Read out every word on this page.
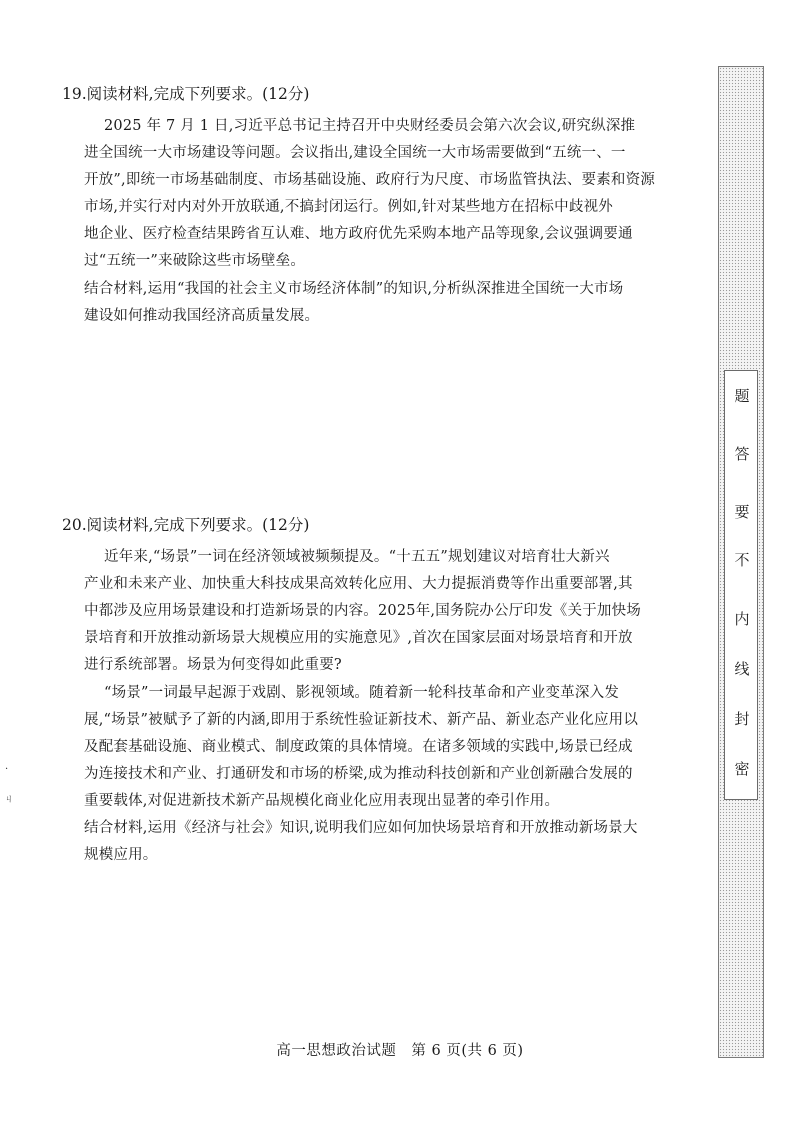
19.阅读材料,完成下列要求。(12分)
2025 年 7 月 1 日,习近平总书记主持召开中央财经委员会第六次会议,研究纵深推
进全国统一大市场建设等问题。会议指出,建设全国统一大市场需要做到“五统一、一
开放”,即统一市场基础制度、市场基础设施、政府行为尺度、市场监管执法、要素和资源
市场,并实行对内对外开放联通,不搞封闭运行。例如,针对某些地方在招标中歧视外
地企业、医疗检查结果跨省互认难、地方政府优先采购本地产品等现象,会议强调要通
过“五统一”来破除这些市场壁垒。
结合材料,运用“我国的社会主义市场经济体制”的知识,分析纵深推进全国统一大市场
建设如何推动我国经济高质量发展。
20.阅读材料,完成下列要求。(12分)
近年来,“场景”一词在经济领域被频频提及。“十五五”规划建议对培育壮大新兴
产业和未来产业、加快重大科技成果高效转化应用、大力提振消费等作出重要部署,其
中都涉及应用场景建设和打造新场景的内容。2025年,国务院办公厅印发《关于加快场
景培育和开放推动新场景大规模应用的实施意见》,首次在国家层面对场景培育和开放
进行系统部署。场景为何变得如此重要?
“场景”一词最早起源于戏剧、影视领域。随着新一轮科技革命和产业变革深入发
展,“场景”被赋予了新的内涵,即用于系统性验证新技术、新产品、新业态产业化应用以
及配套基础设施、商业模式、制度政策的具体情境。在诸多领域的实践中,场景已经成
为连接技术和产业、打通研发和市场的桥梁,成为推动科技创新和产业创新融合发展的
重要载体,对促进新技术新产品规模化商业化应用表现出显著的牵引作用。
结合材料,运用《经济与社会》知识,说明我们应如何加快场景培育和开放推动新场景大
规模应用。
·
ㄐ
密
封
线
内
不
要
答
题
高一思想政治试题　第 6 页(共 6 页)
